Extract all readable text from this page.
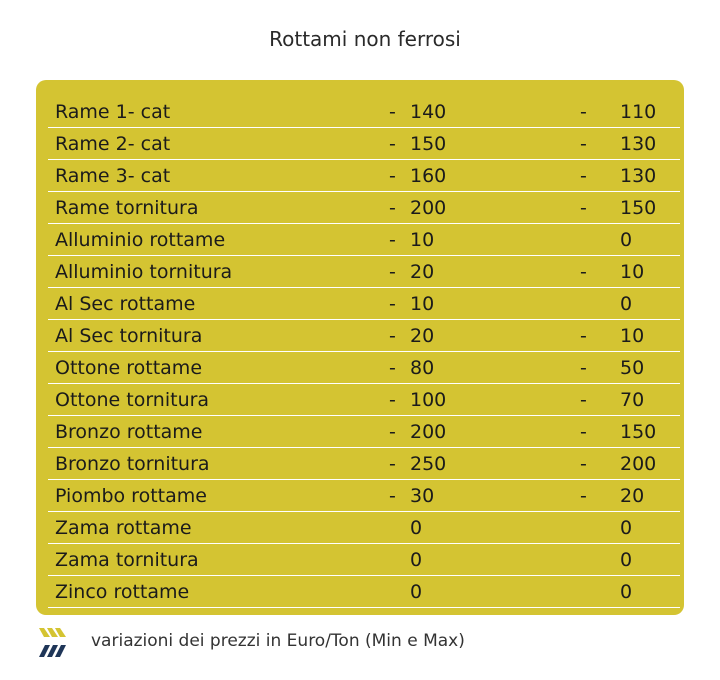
Rottami non ferrosi
Rame 1- cat	- 140	- 110
Rame 2- cat	- 150	- 130
Rame 3- cat	- 160	- 130
Rame tornitura	- 200	- 150
Alluminio rottame	- 10	0
Alluminio tornitura	- 20	- 10
Al Sec rottame	- 10	0
Al Sec tornitura	- 20	- 10
Ottone rottame	- 80	- 50
Ottone tornitura	- 100	- 70
Bronzo rottame	- 200	- 150
Bronzo tornitura	- 250	- 200
Piombo rottame	- 30	- 20
Zama rottame	0	0
Zama tornitura	0	0
Zinco rottame	0	0
variazioni dei prezzi in Euro/Ton (Min e Max)
